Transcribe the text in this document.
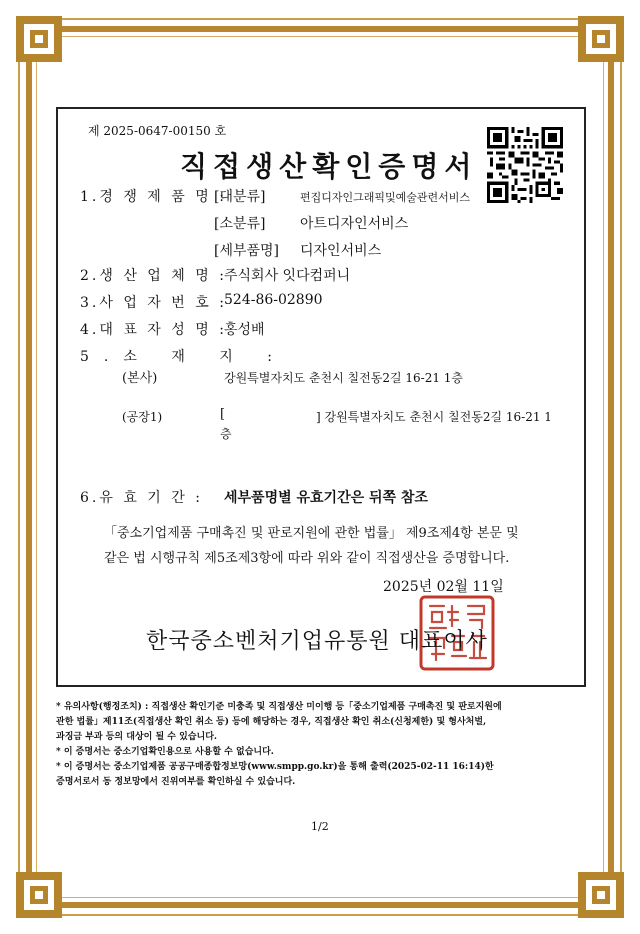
제 2025-0647-00150 호
직접생산확인증명서
1.경 쟁 제 품 명 :
[대분류]	편집디자인그래픽및예술관련서비스
[소분류] 아트디자인서비스
[세부품명] 디자인서비스
2.생 산 업 체 명 :
주식회사 잇다컴퍼니
3.사 업 자 번 호 :
524-86-02890
4.대 표 자 성 명 :
홍성배
5.소 재 지 :
(본사)	강원특별자치도 춘천시 칠전동2길 16-21 1층
(공장1)	[	] 강원특별자치도 춘천시 칠전동2길 16-21 1
층
6.유 효 기 간 : 세부품명별 유효기간은 뒤쪽 참조
「중소기업제품 구매촉진 및 판로지원에 관한 법률」 제9조제4항 본문 및
같은 법 시행규칙 제5조제3항에 따라 위와 같이 직접생산을 증명합니다.
2025년 02월 11일
한국중소벤처기업유통원 대표이사

* 유의사항(행정조치) : 직접생산 확인기준 미충족 및 직접생산 미이행 등「중소기업제품 구매촉진 및 판로지원에

관한 법률」제11조(직접생산 확인 취소 등) 등에 해당하는 경우, 직접생산 확인 취소(신청제한) 및 형사처벌,

과징금 부과 등의 대상이 될 수 있습니다.

* 이 증명서는 중소기업확인용으로 사용할 수 없습니다.

* 이 증명서는 중소기업제품 공공구매종합정보망(www.smpp.go.kr)을 통해 출력(2025-02-11 16:14)한

증명서로서 동 정보망에서 진위여부를 확인하실 수 있습니다.

1/2
